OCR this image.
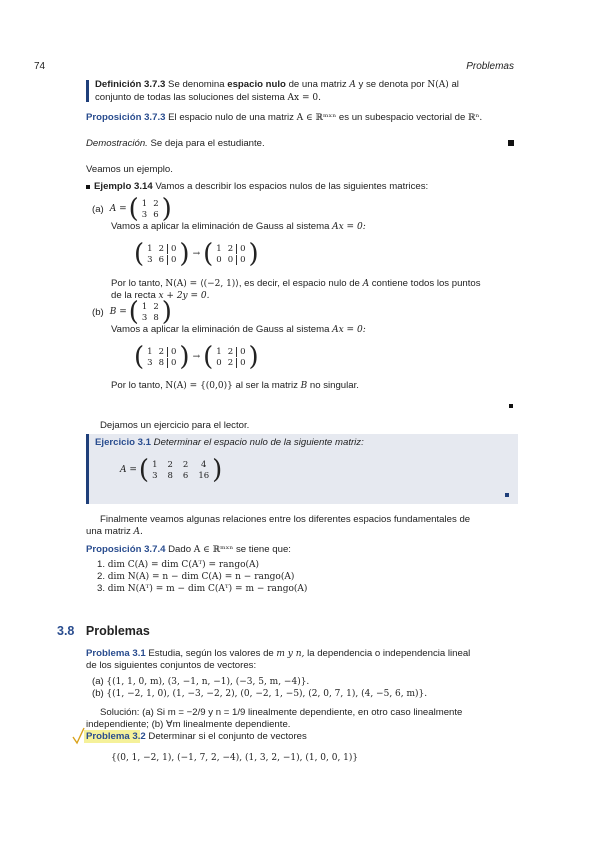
74	Problemas
Definición 3.7.3 Se denomina espacio nulo de una matriz A y se denota por N(A) al
conjunto de todas las soluciones del sistema Ax = 0.
Proposición 3.7.3 El espacio nulo de una matriz A ∈ ℝᵐˣⁿ es un subespacio vectorial de ℝⁿ.
Demostración. Se deja para el estudiante.
Veamos un ejemplo.
Ejemplo 3.14 Vamos a describir los espacios nulos de las siguientes matrices:
(a) A = ( 1 2
3 6 )
Vamos a aplicar la eliminación de Gauss al sistema Ax = 0:
( 1 2 0
3 6 0 ) → ( 1 2 0
0 0 0 )
Por lo tanto, N(A) = ⟨(−2, 1)⟩, es decir, el espacio nulo de A contiene todos los puntos
de la recta x + 2y = 0.
(b) B = ( 1 2
3 8 )
Vamos a aplicar la eliminación de Gauss al sistema Ax = 0:
( 1 2 0
3 8 0 ) → ( 1 2 0
0 2 0 )
Por lo tanto, N(A) = {(0,0)} al ser la matriz B no singular.
Dejamos un ejercicio para el lector.
Ejercicio 3.1 Determinar el espacio nulo de la siguiente matriz:
A = ( 1	2	2	4
3	8	6	16 )
Finalmente veamos algunas relaciones entre los diferentes espacios fundamentales de
una matriz A.
Proposición 3.7.4 Dado A ∈ ℝᵐˣⁿ se tiene que:
1. dim C(A) = dim C(Aᵀ) = rango(A)
2. dim N(A) = n − dim C(A) = n − rango(A)
3. dim N(Aᵀ) = m − dim C(Aᵀ) = m − rango(A)
3.8 Problemas
Problema 3.1 Estudia, según los valores de m y n, la dependencia o independencia lineal
de los siguientes conjuntos de vectores:
(a) {(1, 1, 0, m), (3, −1, n, −1), (−3, 5, m, −4)}.
(b) {(1, −2, 1, 0), (1, −3, −2, 2), (0, −2, 1, −5), (2, 0, 7, 1), (4, −5, 6, m)}.
Solución: (a) Si m = −2/9 y n = 1/9 linealmente dependiente, en otro caso linealmente
independiente; (b) ∀m linealmente dependiente.
Problema 3.2 Determinar si el conjunto de vectores
{(0, 1, −2, 1), (−1, 7, 2, −4), (1, 3, 2, −1), (1, 0, 0, 1)}
